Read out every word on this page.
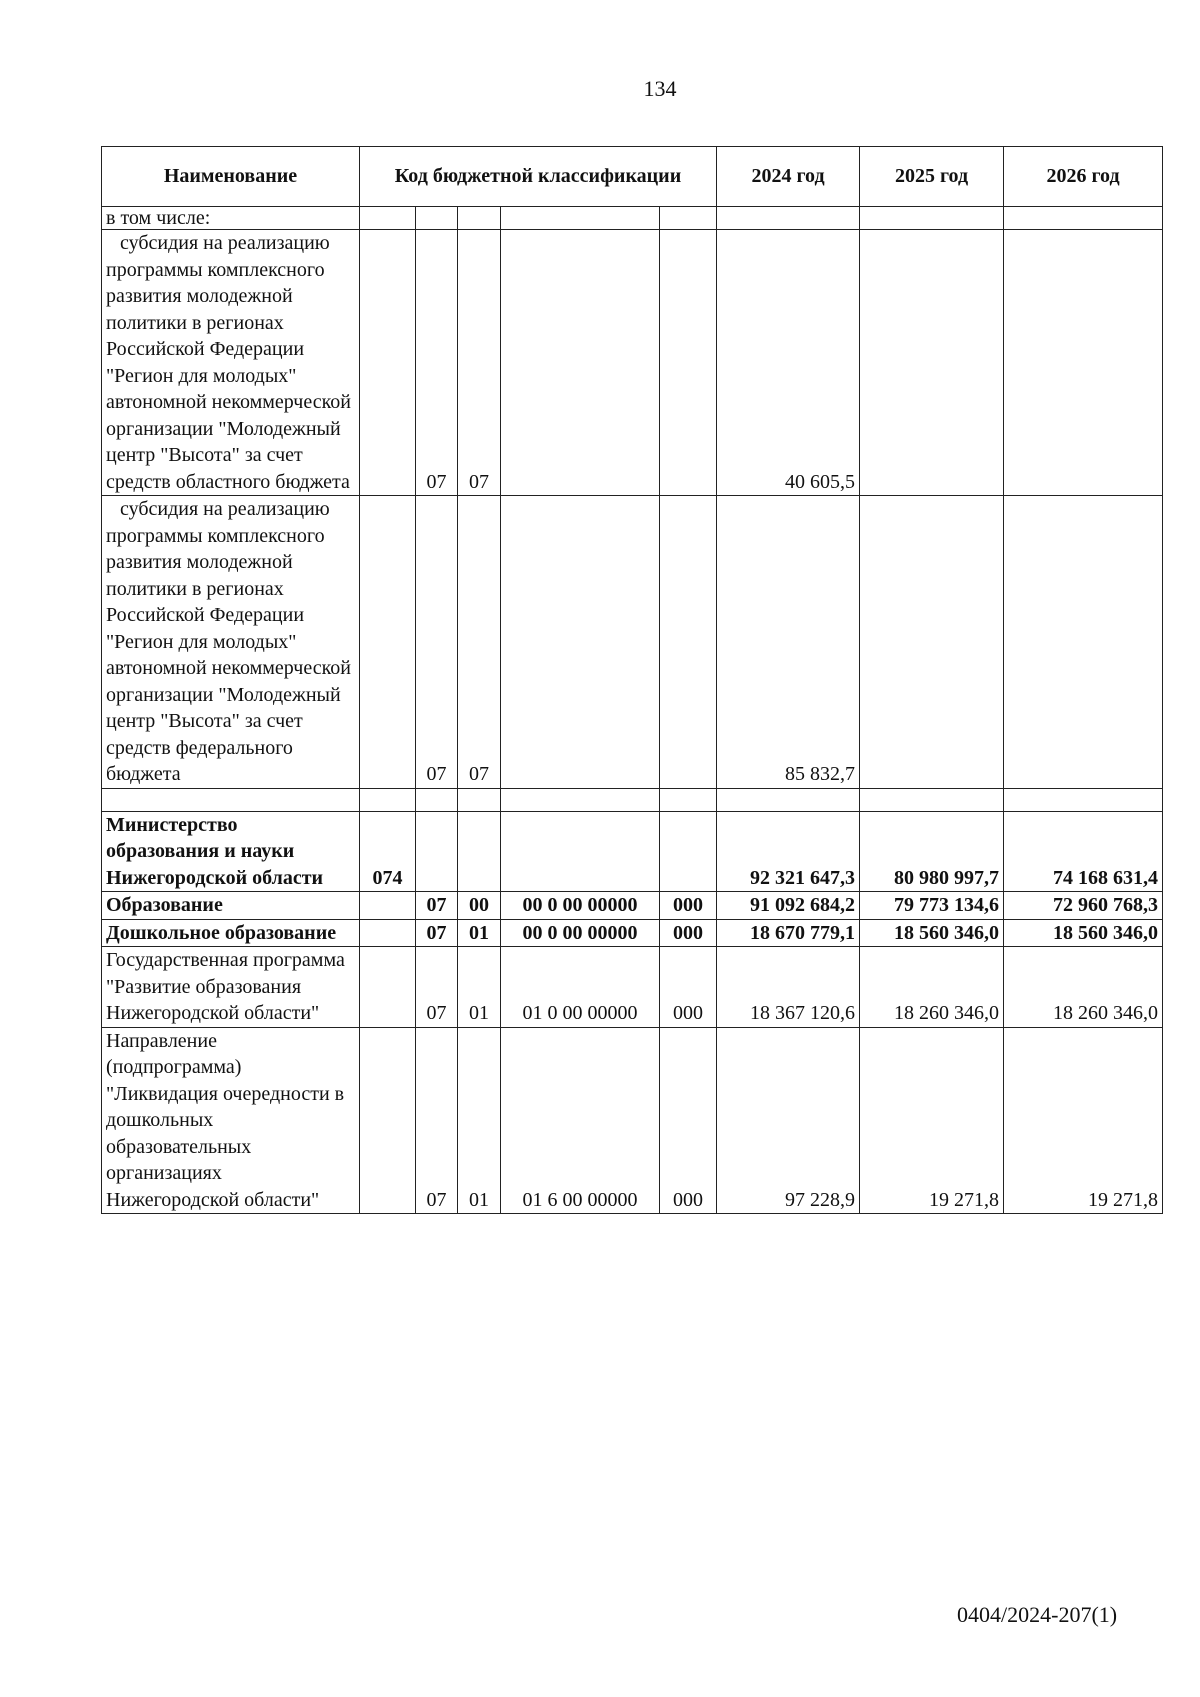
134
Наименование	Код бюджетной классификации					2024 год	2025 год	2026 год
в том числе:								

субсидия на реализацию программы комплексного развития молодежной политики в регионах Российской Федерации "Регион для молодых" автономной некоммерческой организации "Молодежный центр "Высота" за счет средств областного бюджета		07	07			40 605,5		

субсидия на реализацию программы комплексного развития молодежной политики в регионах Российской Федерации "Регион для молодых" автономной некоммерческой организации "Молодежный центр "Высота" за счет средств федерального бюджета		07	07			85 832,7		

Министерство образования и науки Нижегородской области	074					92 321 647,3	80 980 997,7	74 168 631,4
Образование		07	00	00 0 00 00000	000	91 092 684,2	79 773 134,6	72 960 768,3
Дошкольное образование		07	01	00 0 00 00000	000	18 670 779,1	18 560 346,0	18 560 346,0
Государственная программа "Развитие образования Нижегородской области"		07	01	01 0 00 00000	000	18 367 120,6	18 260 346,0	18 260 346,0
Направление (подпрограмма) "Ликвидация очередности в дошкольных образовательных организациях Нижегородской области"		07	01	01 6 00 00000	000	97 228,9	19 271,8	19 271,8
0404/2024-207(1)
